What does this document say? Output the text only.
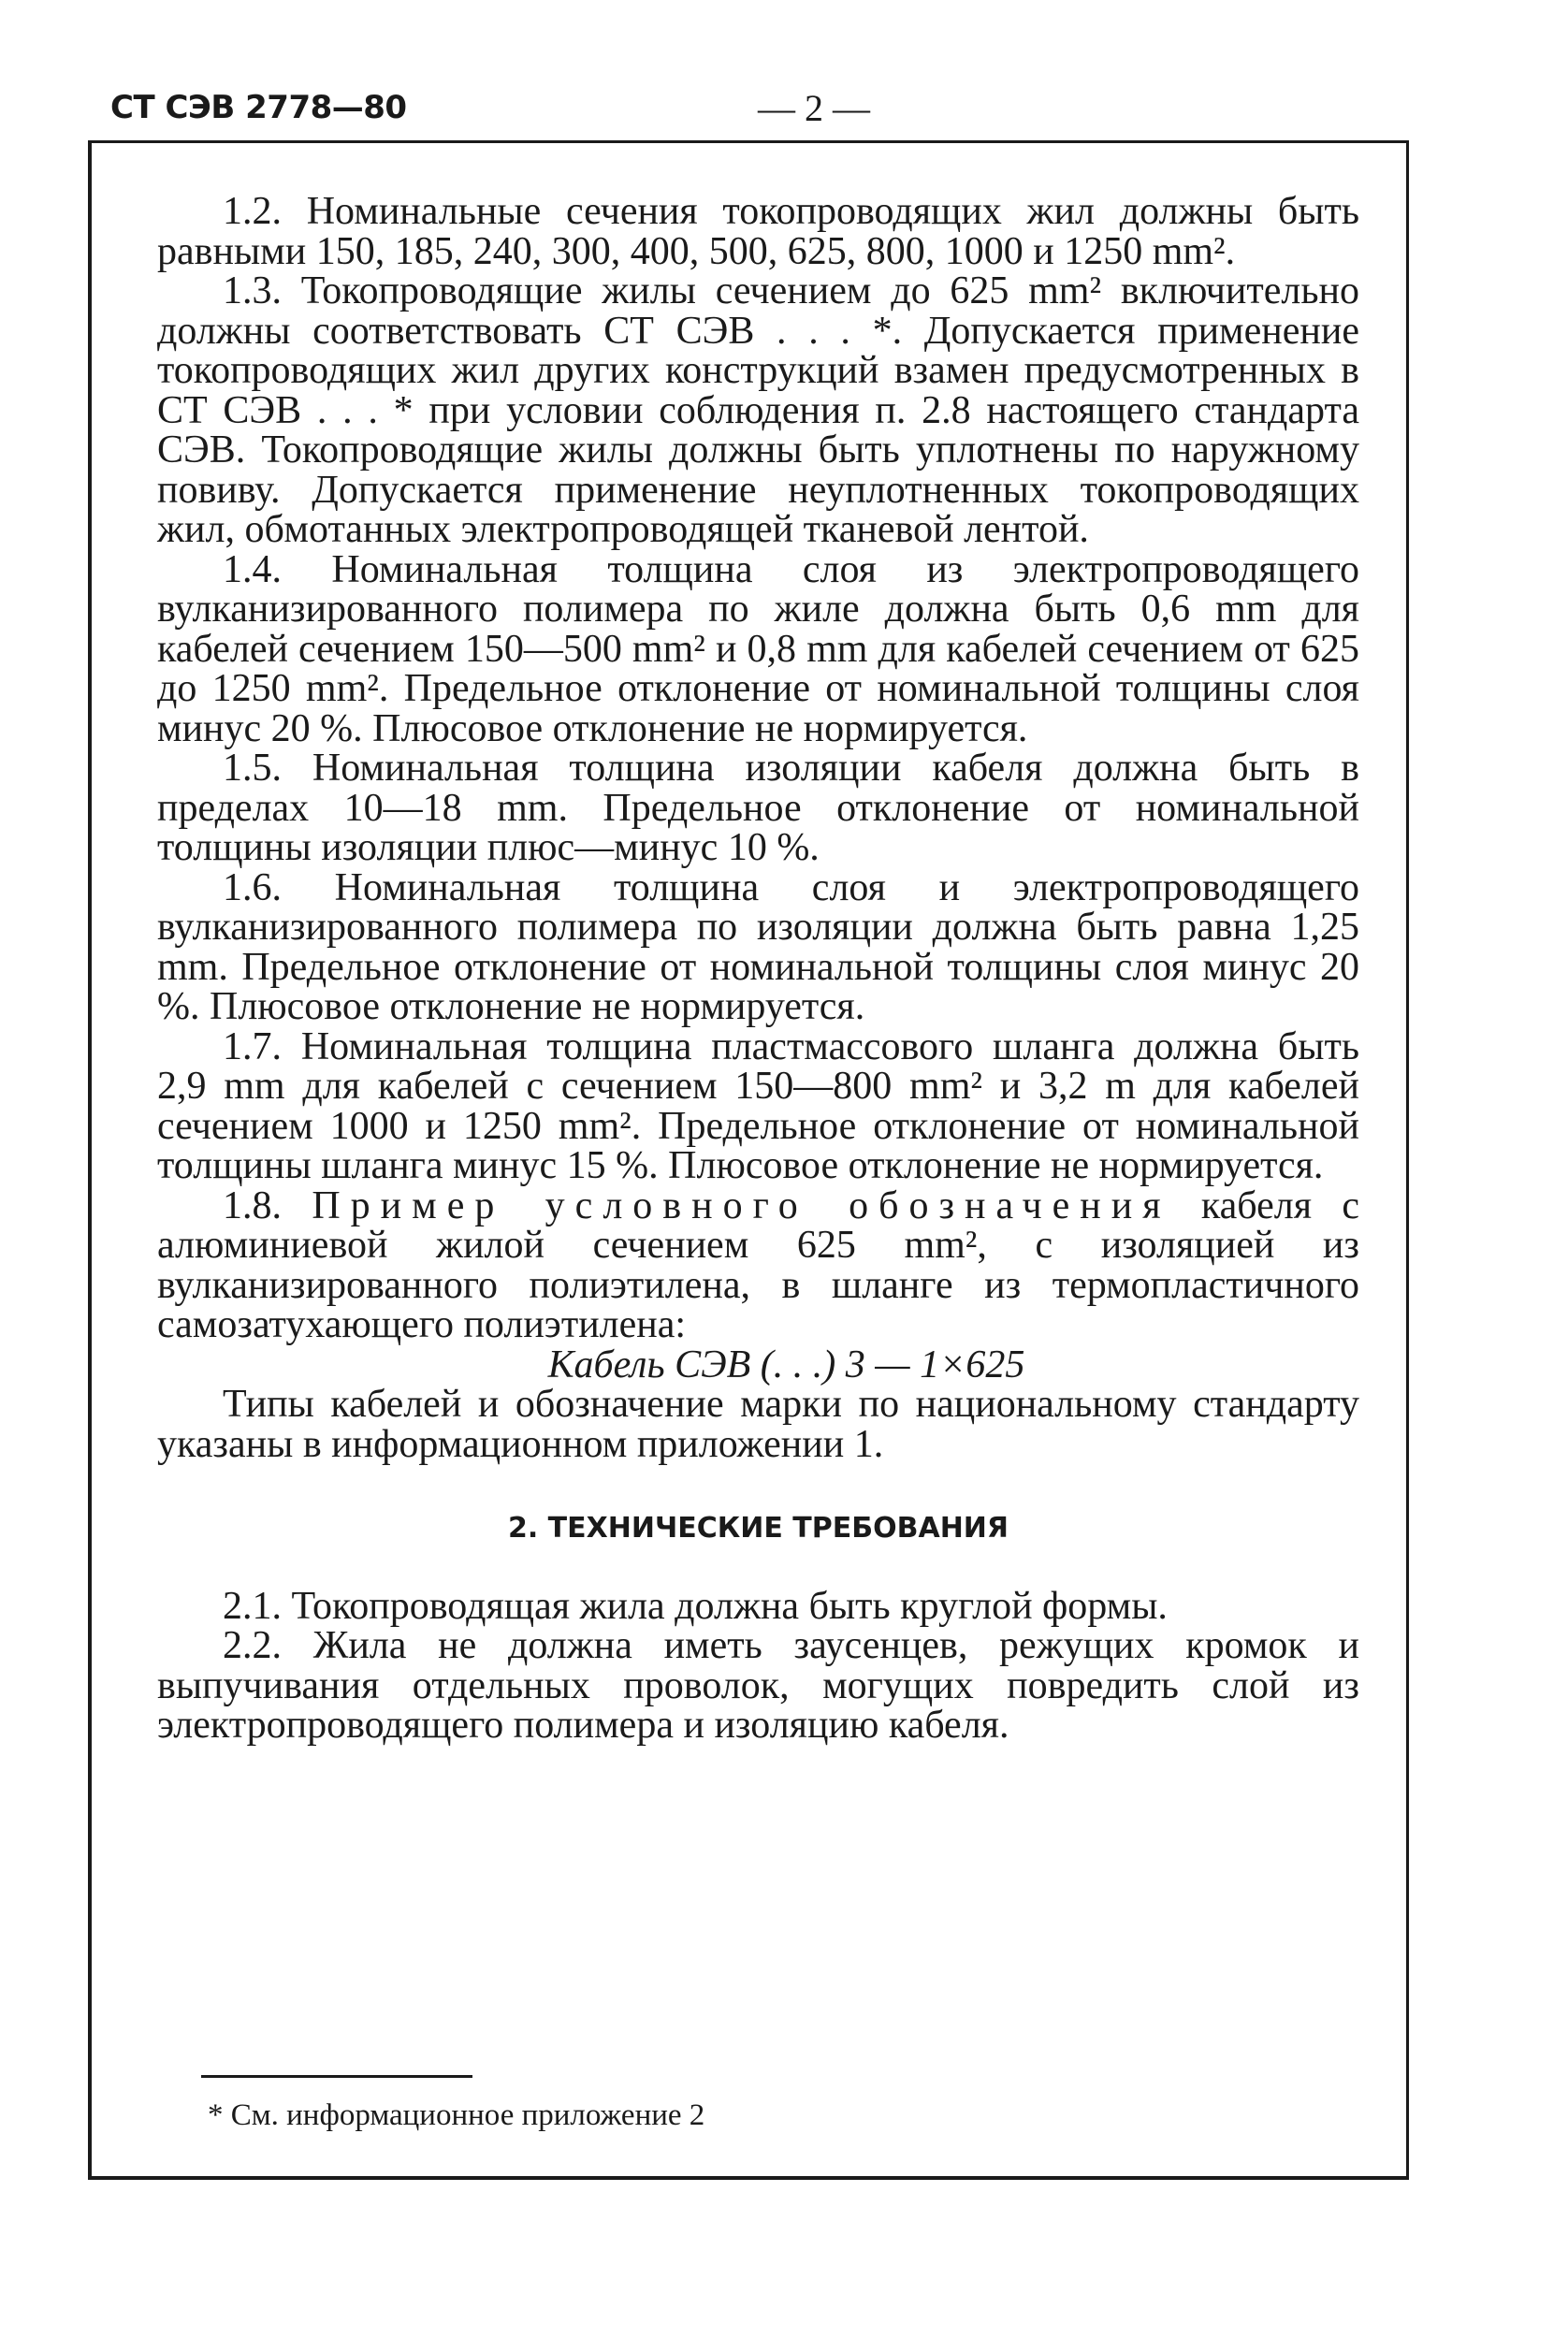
СТ СЭВ 2778—80	— 2 —

1.2. Номинальные сечения токопроводящих жил должны быть равными 150, 185, 240, 300, 400, 500, 625, 800, 1000 и 1250 mm².

1.3. Токопроводящие жилы сечением до 625 mm² включительно должны соответствовать СТ СЭВ . . . *. Допускается применение токопроводящих жил других конструкций взамен предусмотренных в СТ СЭВ . . . * при условии соблюдения п. 2.8 настоящего стандарта СЭВ. Токопроводящие жилы должны быть уплотнены по наружному повиву. Допускается применение неуплотненных токопроводящих жил, обмотанных электропроводящей тканевой лентой.

1.4. Номинальная толщина слоя из электропроводящего вулканизированного полимера по жиле должна быть 0,6 mm для кабелей сечением 150—500 mm² и 0,8 mm для кабелей сечением от 625 до 1250 mm². Предельное отклонение от номинальной толщины слоя минус 20 %. Плюсовое отклонение не нормируется.

1.5. Номинальная толщина изоляции кабеля должна быть в пределах 10—18 mm. Предельное отклонение от номинальной толщины изоляции плюс—минус 10 %.

1.6. Номинальная толщина слоя и электропроводящего вулканизированного полимера по изоляции должна быть равна 1,25 mm. Предельное отклонение от номинальной толщины слоя минус 20 %. Плюсовое отклонение не нормируется.

1.7. Номинальная толщина пластмассового шланга должна быть 2,9 mm для кабелей с сечением 150—800 mm² и 3,2 m для кабелей сечением 1000 и 1250 mm². Предельное отклонение от номинальной толщины шланга минус 15 %. Плюсовое отклонение не нормируется.

1.8. Пример условного обозначения кабеля с алюминиевой жилой сечением 625 mm², с изоляцией из вулканизированного полиэтилена, в шланге из термопластичного самозатухающего полиэтилена:

Кабель СЭВ (. . .) 3 — 1×625

Типы кабелей и обозначение марки по национальному стандарту указаны в информационном приложении 1.

2. ТЕХНИЧЕСКИЕ ТРЕБОВАНИЯ

2.1. Токопроводящая жила должна быть круглой формы.

2.2. Жила не должна иметь заусенцев, режущих кромок и выпучивания отдельных проволок, могущих повредить слой из электропроводящего полимера и изоляцию кабеля.

* См. информационное приложение 2
